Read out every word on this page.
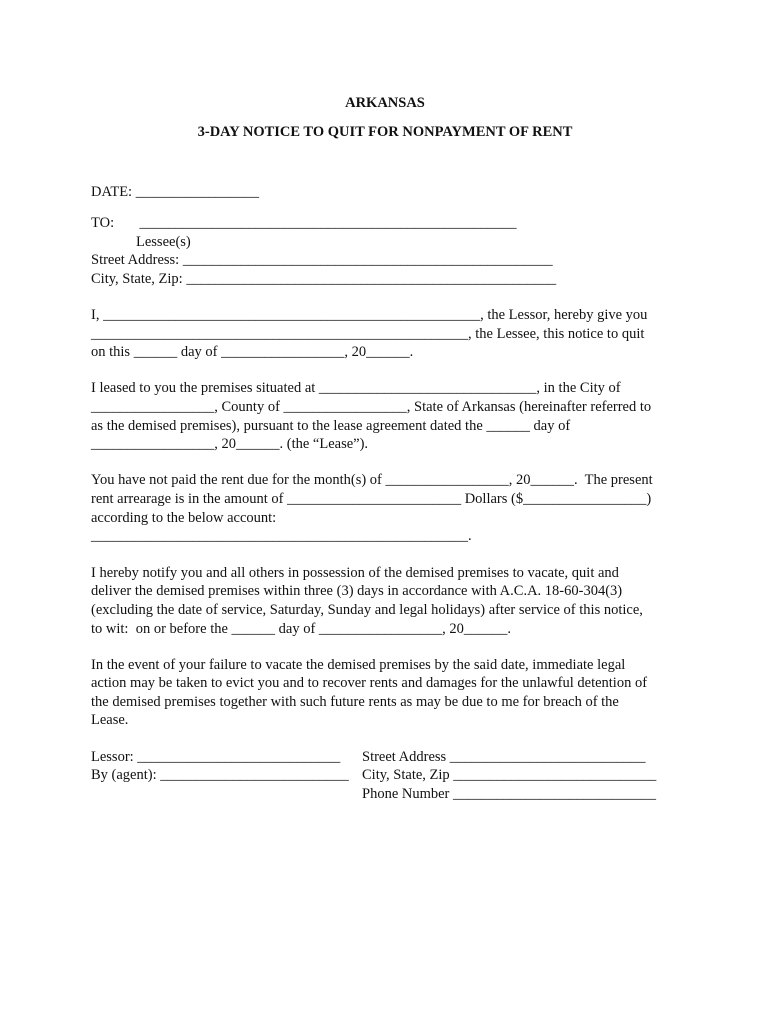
ARKANSAS
3-DAY NOTICE TO QUIT FOR NONPAYMENT OF RENT
DATE: _________________
TO:       ____________________________________________________
Lessee(s)
Street Address: ___________________________________________________
City, State, Zip: ___________________________________________________
I, ____________________________________________________, the Lessor, hereby give you
____________________________________________________, the Lessee, this notice to quit
on this ______ day of _________________, 20______.
I leased to you the premises situated at ______________________________, in the City of
_________________, County of _________________, State of Arkansas (hereinafter referred to
as the demised premises), pursuant to the lease agreement dated the ______ day of
_________________, 20______. (the “Lease”).
You have not paid the rent due for the month(s) of _________________, 20______.  The present
rent arrearage is in the amount of ________________________ Dollars ($_________________)
according to the below account:
____________________________________________________.
I hereby notify you and all others in possession of the demised premises to vacate, quit and
deliver the demised premises within three (3) days in accordance with A.C.A. 18-60-304(3)
(excluding the date of service, Saturday, Sunday and legal holidays) after service of this notice,
to wit:  on or before the ______ day of _________________, 20______.
In the event of your failure to vacate the demised premises by the said date, immediate legal
action may be taken to evict you and to recover rents and damages for the unlawful detention of
the demised premises together with such future rents as may be due to me for breach of the
Lease.
Lessor: ____________________________
By (agent): __________________________
Street Address ___________________________
City, State, Zip ____________________________
Phone Number ____________________________
